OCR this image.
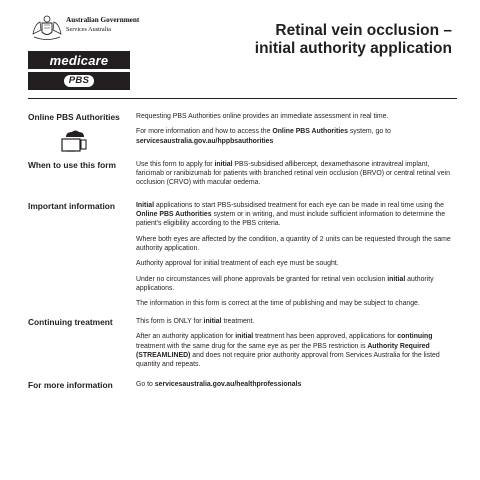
Australian Government
Services Australia
medicare
PBS
Retinal vein occlusion –
initial authority application
Online PBS Authorities	Requesting PBS Authorities online provides an immediate assessment in real time.

For more information and how to access the Online PBS Authorities system, go to
servicesaustralia.gov.au/hppbsauthorities

When to use this form	Use this form to apply for initial PBS-subsidised aflibercept, dexamethasone intravitreal implant, faricimab or ranibizumab for patients with branched retinal vein occlusion (BRVO) or central retinal vein occlusion (CRVO) with macular oedema.

Important information	Initial applications to start PBS-subsidised treatment for each eye can be made in real time using the Online PBS Authorities system or in writing, and must include sufficient information to determine the patient's eligibility according to the PBS criteria.

Where both eyes are affected by the condition, a quantity of 2 units can be requested through the same authority application.

Authority approval for initial treatment of each eye must be sought.

Under no circumstances will phone approvals be granted for retinal vein occlusion initial authority applications.

The information in this form is correct at the time of publishing and may be subject to change.

Continuing treatment	This form is ONLY for initial treatment.

After an authority application for initial treatment has been approved, applications for continuing treatment with the same drug for the same eye as per the PBS restriction is Authority Required (STREAMLINED) and does not require prior authority approval from Services Australia for the listed quantity and repeats.

For more information	Go to servicesaustralia.gov.au/healthprofessionals
